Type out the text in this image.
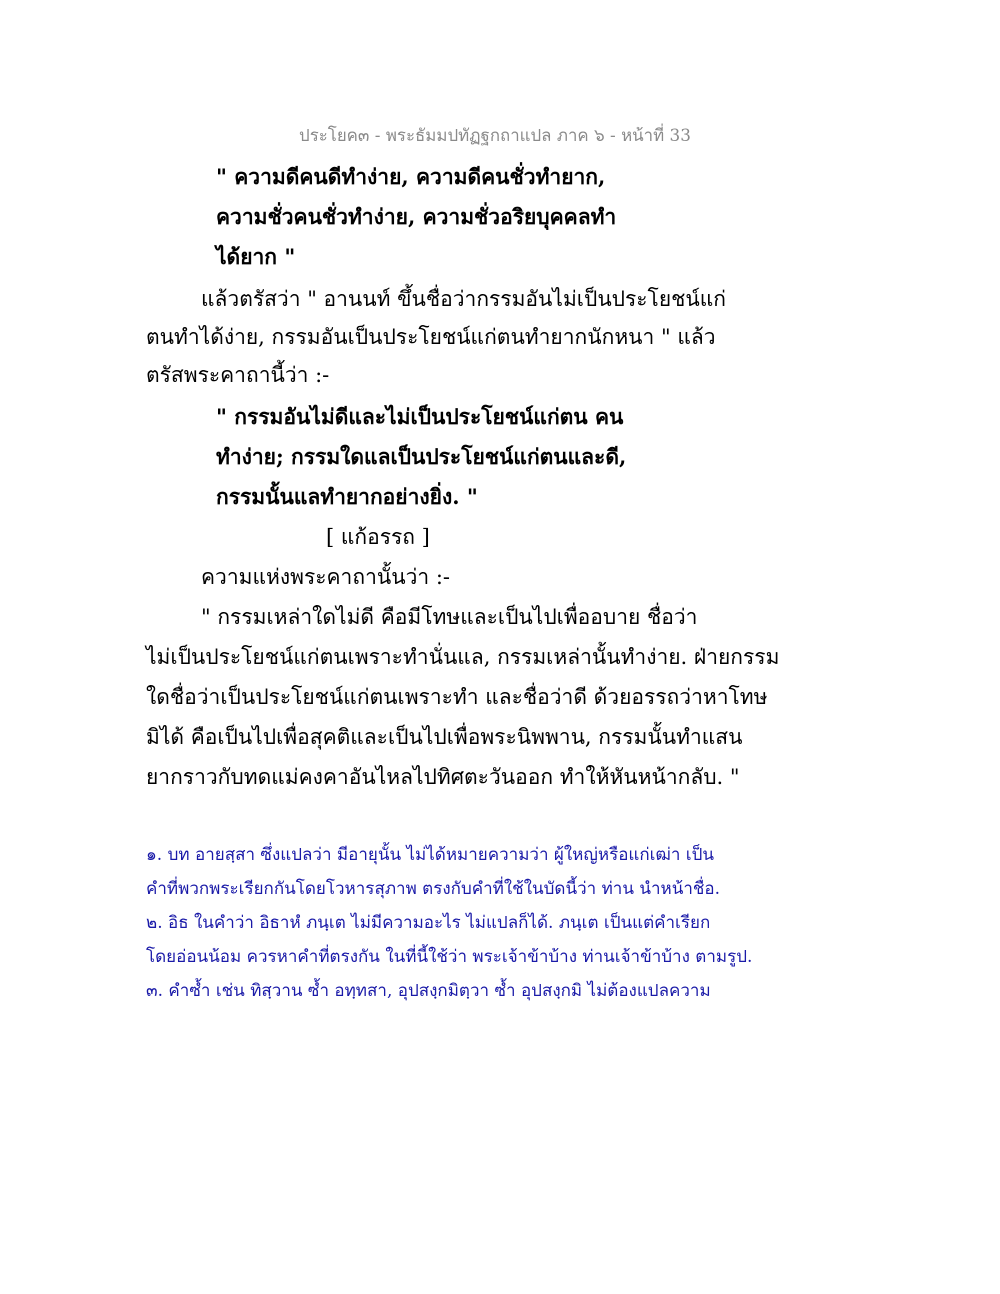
ประโยค๓ - พระธัมมปทัฏฐกถาแปล ภาค ๖ - หน้าที่ 33
" ความดีคนดีทำง่าย, ความดีคนชั่วทำยาก,
ความชั่วคนชั่วทำง่าย, ความชั่วอริยบุคคลทำ
ได้ยาก "
แล้วตรัสว่า " อานนท์ ขึ้นชื่อว่ากรรมอันไม่เป็นประโยชน์แก่
ตนทำได้ง่าย, กรรมอันเป็นประโยชน์แก่ตนทำยากนักหนา " แล้ว
ตรัสพระคาถานี้ว่า :-
" กรรมอันไม่ดีและไม่เป็นประโยชน์แก่ตน คน
ทำง่าย; กรรมใดแลเป็นประโยชน์แก่ตนและดี,
กรรมนั้นแลทำยากอย่างยิ่ง. "
[ แก้อรรถ ]
ความแห่งพระคาถานั้นว่า :-
" กรรมเหล่าใดไม่ดี คือมีโทษและเป็นไปเพื่ออบาย ชื่อว่า
ไม่เป็นประโยชน์แก่ตนเพราะทำนั่นแล, กรรมเหล่านั้นทำง่าย. ฝ่ายกรรม
ใดชื่อว่าเป็นประโยชน์แก่ตนเพราะทำ และชื่อว่าดี ด้วยอรรถว่าหาโทษ
มิได้ คือเป็นไปเพื่อสุคติและเป็นไปเพื่อพระนิพพาน, กรรมนั้นทำแสน
ยากราวกับทดแม่คงคาอันไหลไปทิศตะวันออก ทำให้หันหน้ากลับ. "
๑. บท อายสฺสา ซึ่งแปลว่า มีอายุนั้น ไม่ได้หมายความว่า ผู้ใหญ่หรือแก่เฒ่า เป็น
คำที่พวกพระเรียกกันโดยโวหารสุภาพ ตรงกับคำที่ใช้ในบัดนี้ว่า ท่าน นำหน้าชื่อ.
๒. อิธ ในคำว่า อิธาหํ ภนฺเต ไม่มีความอะไร ไม่แปลก็ได้. ภนฺเต เป็นแต่คำเรียก
โดยอ่อนน้อม ควรหาคำที่ตรงกัน ในที่นี้ใช้ว่า พระเจ้าข้าบ้าง ท่านเจ้าข้าบ้าง ตามรูป.
๓. คำซ้ำ เช่น ทิสฺวาน ซ้ำ อทฺทสา, อุปสงฺกมิตฺวา ซ้ำ อุปสงฺกมิ ไม่ต้องแปลความ
